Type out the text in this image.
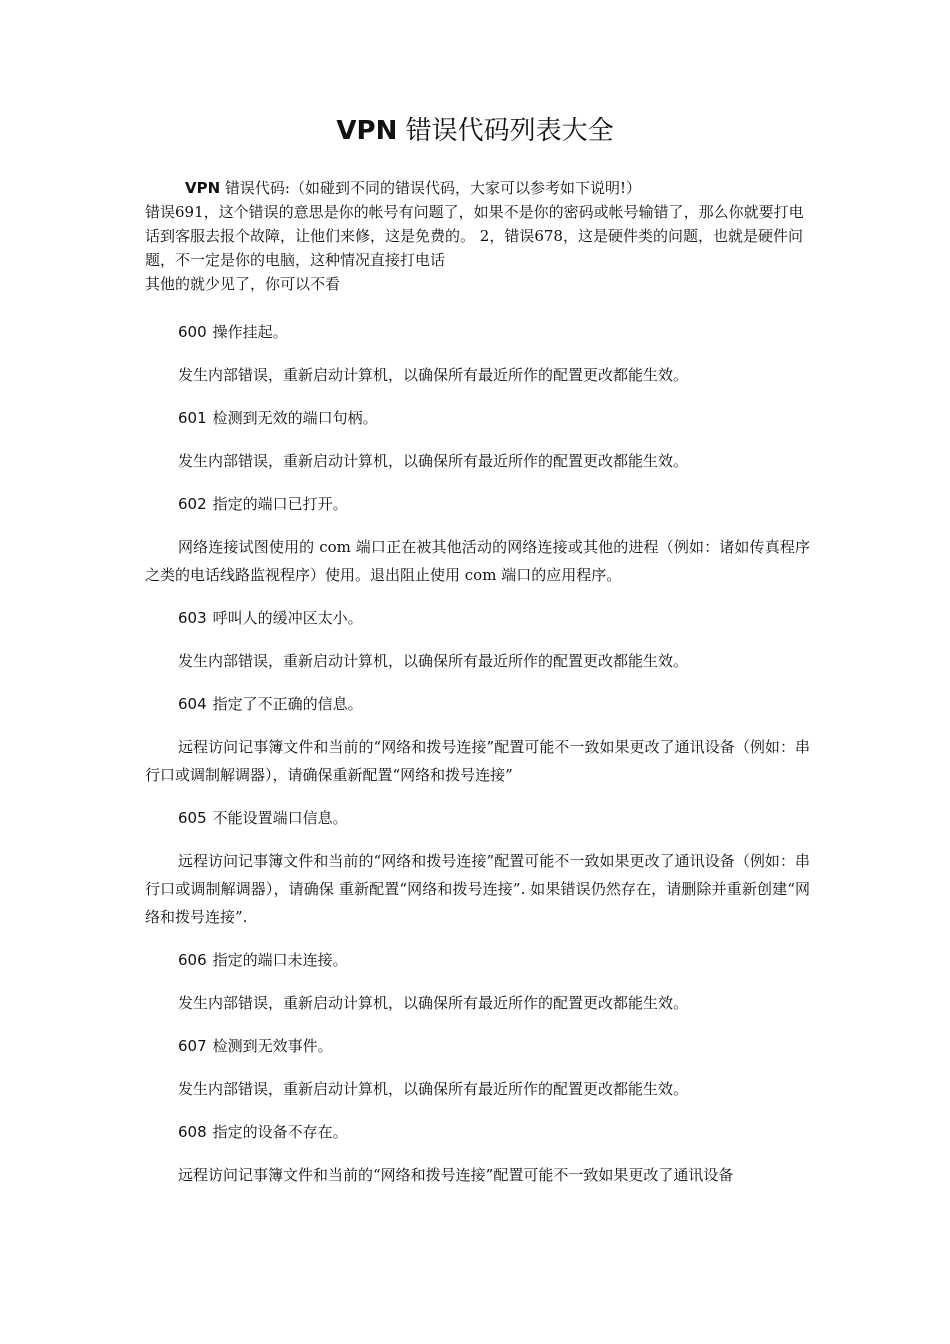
VPN 错误代码列表大全

VPN 错误代码:（如碰到不同的错误代码，大家可以参考如下说明!）

错误691，这个错误的意思是你的帐号有问题了，如果不是你的密码或帐号输错了，那么你就要打电话到客服去报个故障，让他们来修，这是免费的。 2，错误678，这是硬件类的问题，也就是硬件问题，不一定是你的电脑，这种情况直接打电话

其他的就少见了，你可以不看

600 操作挂起。

发生内部错误，重新启动计算机，以确保所有最近所作的配置更改都能生效。

601 检测到无效的端口句柄。

发生内部错误，重新启动计算机，以确保所有最近所作的配置更改都能生效。

602 指定的端口已打开。

网络连接试图使用的 com 端口正在被其他活动的网络连接或其他的进程（例如：诸如传真程序之类的电话线路监视程序）使用。退出阻止使用 com 端口的应用程序。

603 呼叫人的缓冲区太小。

发生内部错误，重新启动计算机，以确保所有最近所作的配置更改都能生效。

604 指定了不正确的信息。

远程访问记事簿文件和当前的“网络和拨号连接”配置可能不一致如果更改了通讯设备（例如：串行口或调制解调器），请确保重新配置“网络和拨号连接”

605 不能设置端口信息。

远程访问记事簿文件和当前的“网络和拨号连接”配置可能不一致如果更改了通讯设备（例如：串行口或调制解调器），请确保 重新配置“网络和拨号连接”. 如果错误仍然存在，请删除并重新创建“网络和拨号连接”.

606 指定的端口未连接。

发生内部错误，重新启动计算机，以确保所有最近所作的配置更改都能生效。

607 检测到无效事件。

发生内部错误，重新启动计算机，以确保所有最近所作的配置更改都能生效。

608 指定的设备不存在。

远程访问记事簿文件和当前的“网络和拨号连接”配置可能不一致如果更改了通讯设备
